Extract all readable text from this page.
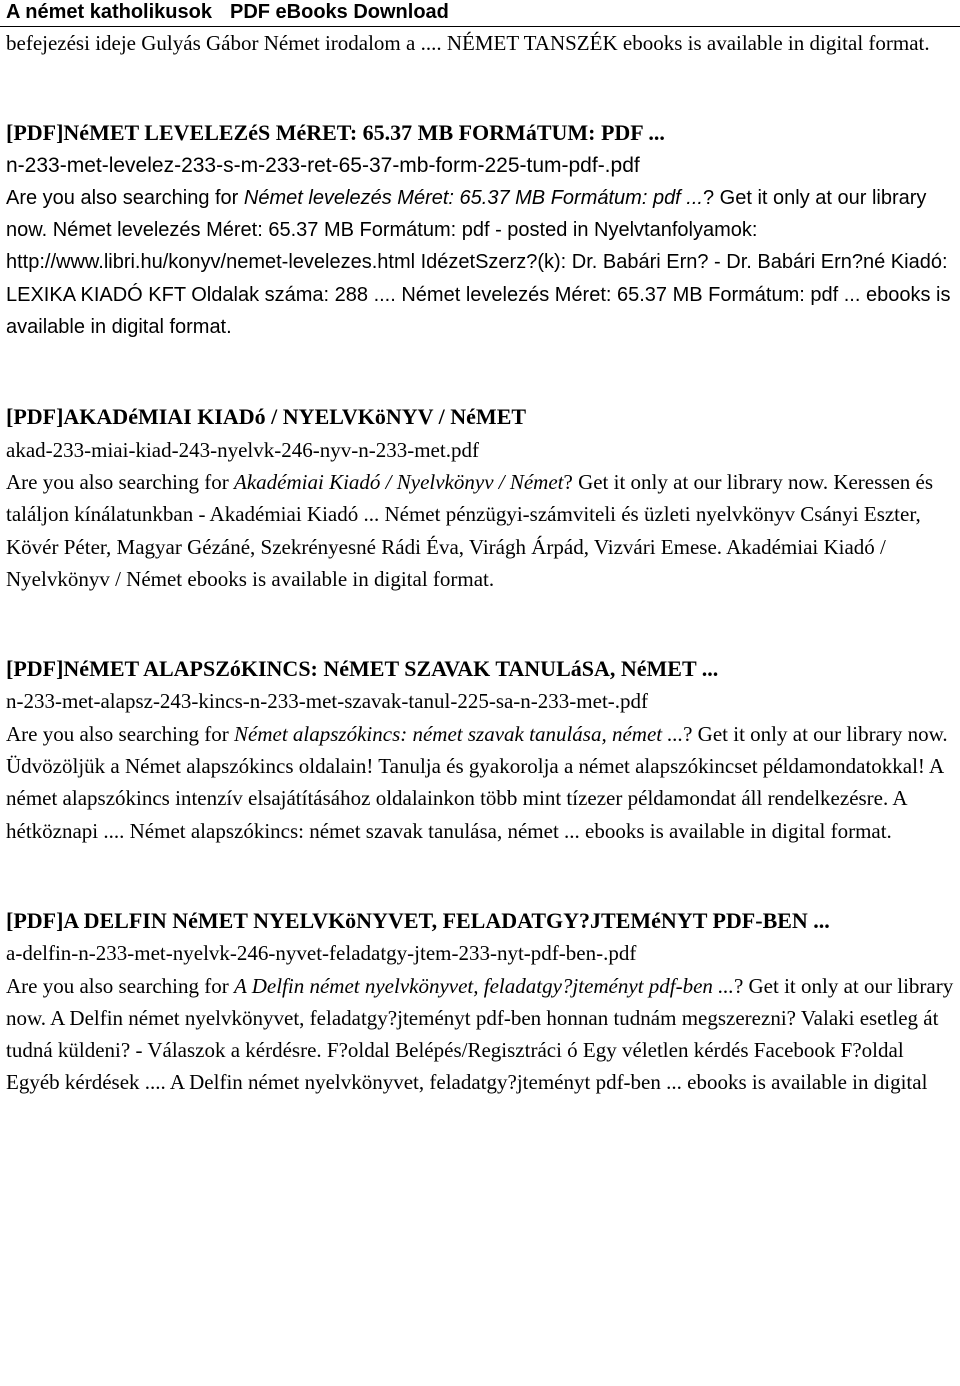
A német katholikusok PDF eBooks Download

befejezési ideje Gulyás Gábor Német irodalom a .... NÉMET TANSZÉK ebooks is available in digital format.

[PDF]NéMET LEVELEZéS MéRET: 65.37 MB FORMáTUM: PDF ...

n-233-met-levelez-233-s-m-233-ret-65-37-mb-form-225-tum-pdf-.pdf

Are you also searching for Német levelezés Méret: 65.37 MB Formátum: pdf ...? Get it only at our library now. Német levelezés Méret: 65.37 MB Formátum: pdf - posted in Nyelvtanfolyamok: http://www.libri.hu/konyv/nemet-levelezes.html IdézetSzerz?(k): Dr. Babári Ern? - Dr. Babári Ern?né Kiadó: LEXIKA KIADÓ KFT Oldalak száma: 288 .... Német levelezés Méret: 65.37 MB Formátum: pdf ... ebooks is available in digital format.

[PDF]AKADéMIAI KIADó / NYELVKöNYV / NéMET

akad-233-miai-kiad-243-nyelvk-246-nyv-n-233-met.pdf

Are you also searching for Akadémiai Kiadó / Nyelvkönyv / Német? Get it only at our library now. Keressen és találjon kínálatunkban - Akadémiai Kiadó ... Német pénzügyi-számviteli és üzleti nyelvkönyv Csányi Eszter, Kövér Péter, Magyar Gézáné, Szekrényesné Rádi Éva, Virágh Árpád, Vizvári Emese. Akadémiai Kiadó / Nyelvkönyv / Német ebooks is available in digital format.

[PDF]NéMET ALAPSZóKINCS: NéMET SZAVAK TANULáSA, NéMET ...

n-233-met-alapsz-243-kincs-n-233-met-szavak-tanul-225-sa-n-233-met-.pdf

Are you also searching for Német alapszókincs: német szavak tanulása, német ...? Get it only at our library now. Üdvözöljük a Német alapszókincs oldalain! Tanulja és gyakorolja a német alapszókincset példamondatokkal! A német alapszókincs intenzív elsajátításához oldalainkon több mint tízezer példamondat áll rendelkezésre. A hétköznapi .... Német alapszókincs: német szavak tanulása, német ... ebooks is available in digital format.

[PDF]A DELFIN NéMET NYELVKöNYVET, FELADATGY?JTEMéNYT PDF-BEN ...

a-delfin-n-233-met-nyelvk-246-nyvet-feladatgy-jtem-233-nyt-pdf-ben-.pdf

Are you also searching for A Delfin német nyelvkönyvet, feladatgy?jteményt pdf-ben ...? Get it only at our library now. A Delfin német nyelvkönyvet, feladatgy?jteményt pdf-ben honnan tudnám megszerezni? Valaki esetleg át tudná küldeni? - Válaszok a kérdésre. F?oldal Belépés/Regisztráci ó Egy véletlen kérdés Facebook F?oldal Egyéb kérdések .... A Delfin német nyelvkönyvet, feladatgy?jteményt pdf-ben ... ebooks is available in digital
